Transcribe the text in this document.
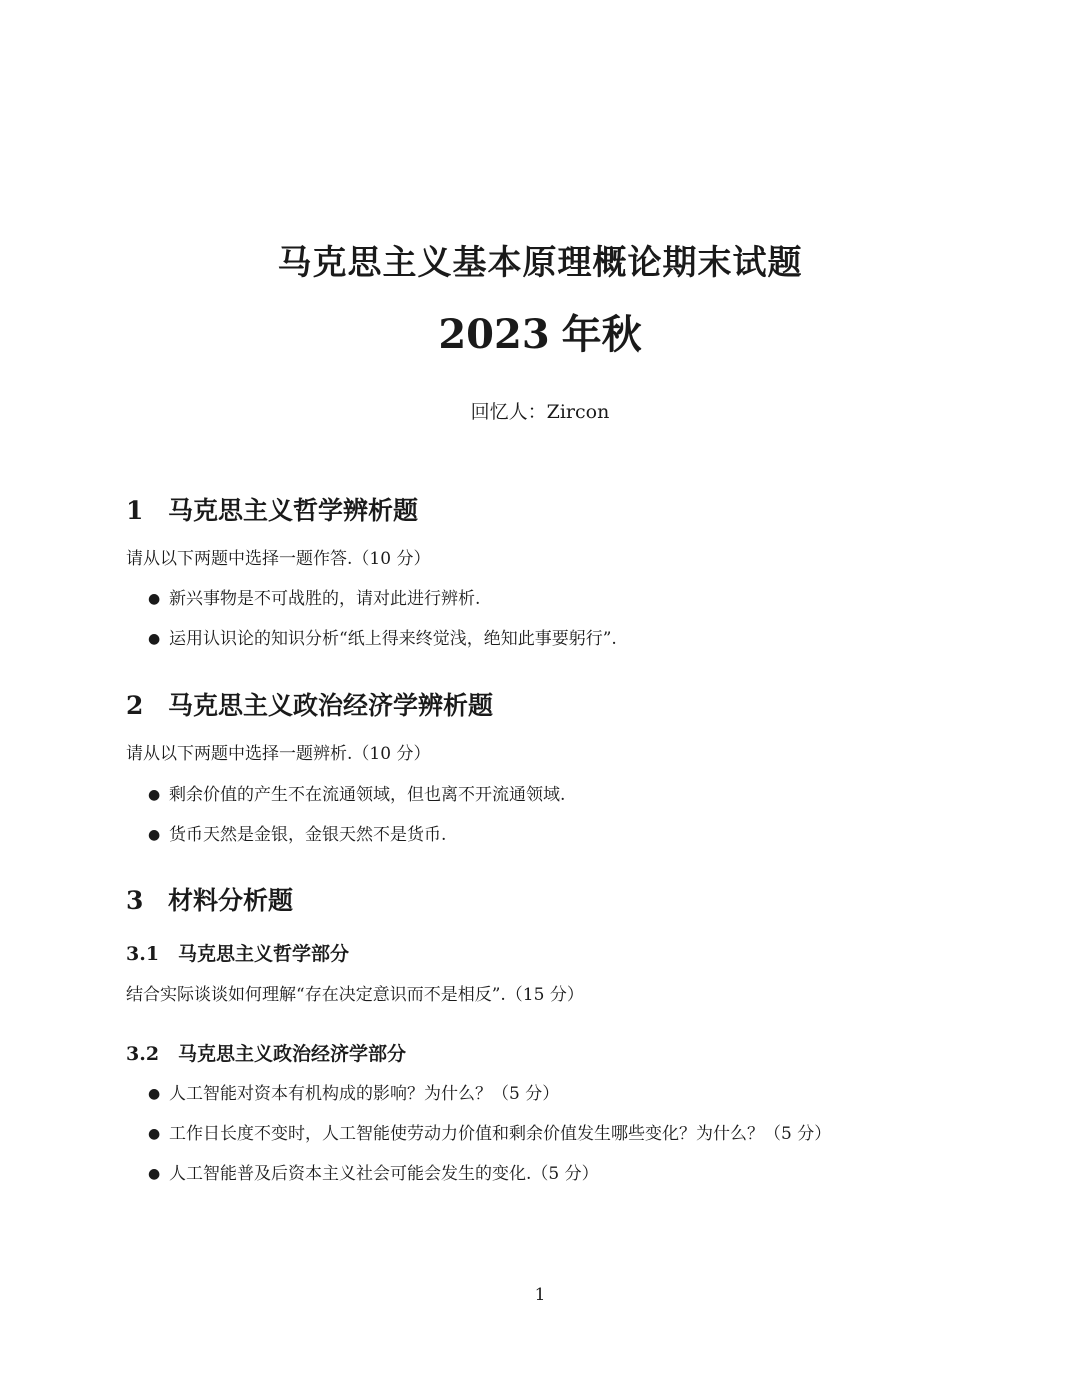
马克思主义基本原理概论期末试题
2023 年秋
回忆人：Zircon
1 马克思主义哲学辨析题
请从以下两题中选择一题作答.（10 分）
● 新兴事物是不可战胜的，请对此进行辨析.
● 运用认识论的知识分析“纸上得来终觉浅，绝知此事要躬行”.
2 马克思主义政治经济学辨析题
请从以下两题中选择一题辨析.（10 分）
● 剩余价值的产生不在流通领域，但也离不开流通领域.
● 货币天然是金银，金银天然不是货币.
3 材料分析题
3.1 马克思主义哲学部分
结合实际谈谈如何理解“存在决定意识而不是相反”.（15 分）
3.2 马克思主义政治经济学部分
● 人工智能对资本有机构成的影响？为什么？（5 分）
● 工作日长度不变时，人工智能使劳动力价值和剩余价值发生哪些变化？为什么？（5 分）
● 人工智能普及后资本主义社会可能会发生的变化.（5 分）
1
